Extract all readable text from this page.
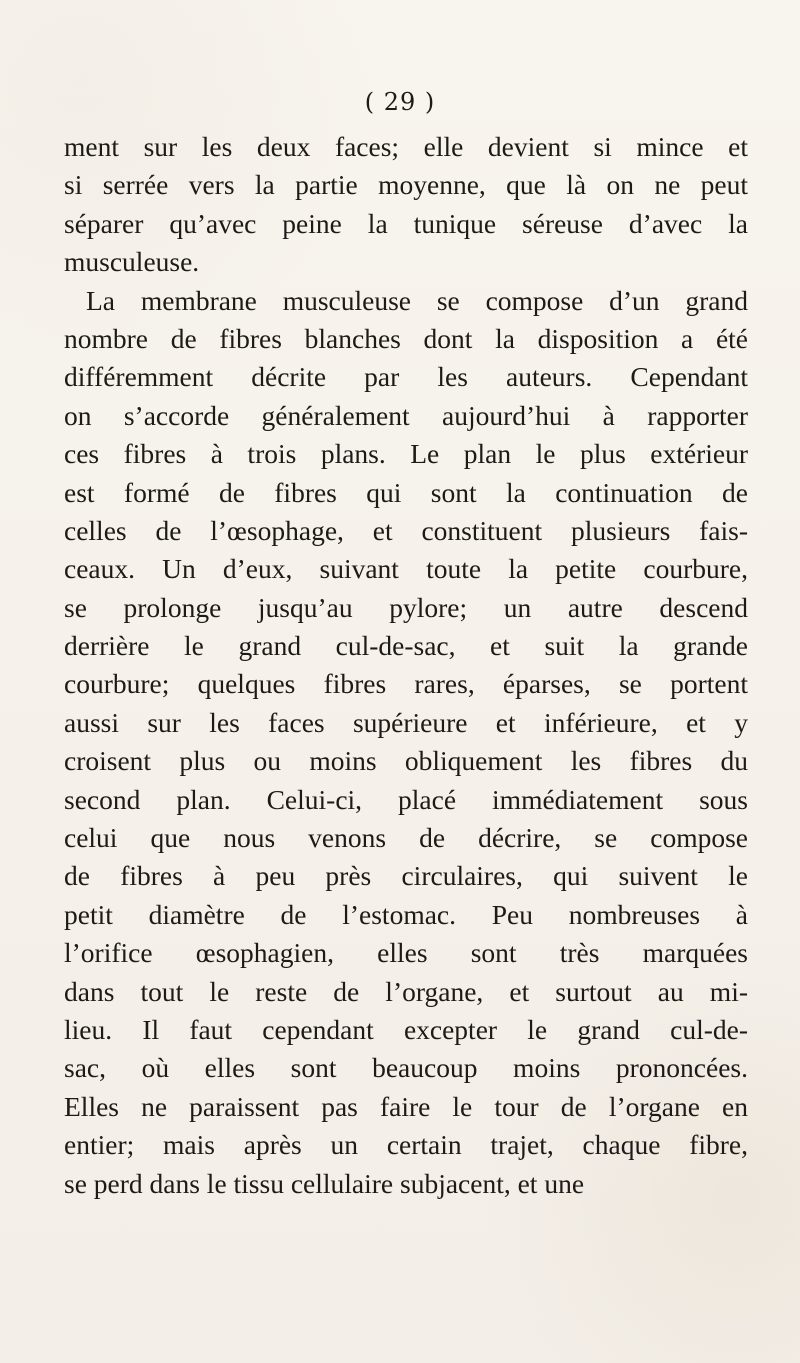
( 29 )
ment sur les deux faces; elle devient si mince et
si serrée vers la partie moyenne, que là on ne peut
séparer qu’avec peine la tunique séreuse d’avec la
musculeuse.
La membrane musculeuse se compose d’un grand
nombre de fibres blanches dont la disposition a été
différemment décrite par les auteurs. Cependant
on s’accorde généralement aujourd’hui à rapporter
ces fibres à trois plans. Le plan le plus extérieur
est formé de fibres qui sont la continuation de
celles de l’œsophage, et constituent plusieurs fais-
ceaux. Un d’eux, suivant toute la petite courbure,
se prolonge jusqu’au pylore; un autre descend
derrière le grand cul-de-sac, et suit la grande
courbure; quelques fibres rares, éparses, se portent
aussi sur les faces supérieure et inférieure, et y
croisent plus ou moins obliquement les fibres du
second plan. Celui-ci, placé immédiatement sous
celui que nous venons de décrire, se compose
de fibres à peu près circulaires, qui suivent le
petit diamètre de l’estomac. Peu nombreuses à
l’orifice œsophagien, elles sont très marquées
dans tout le reste de l’organe, et surtout au mi-
lieu. Il faut cependant excepter le grand cul-de-
sac, où elles sont beaucoup moins prononcées.
Elles ne paraissent pas faire le tour de l’organe en
entier; mais après un certain trajet, chaque fibre,
se perd dans le tissu cellulaire subjacent, et une
